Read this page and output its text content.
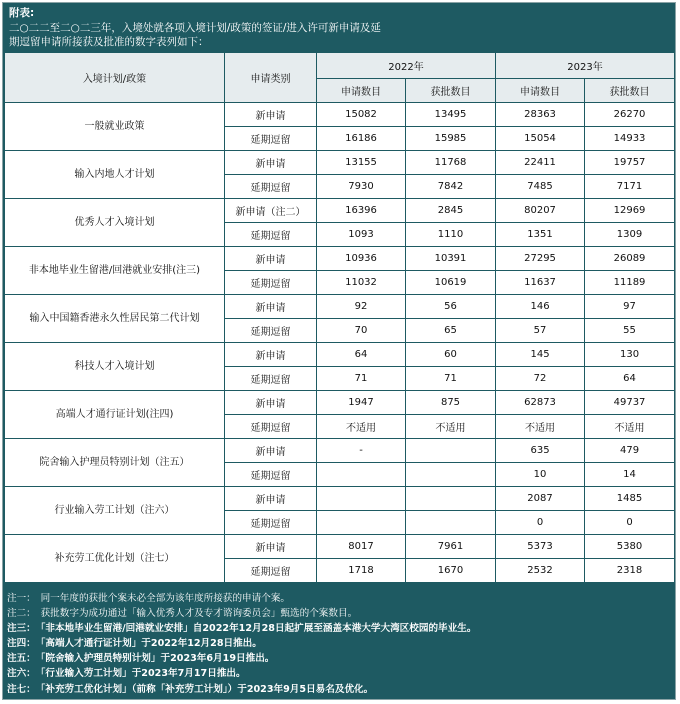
附表:
二○二二至二○二三年，入境处就各项入境计划/政策的签证/进入许可新申请及延
期逗留申请所接获及批准的数字表列如下：
入境计划/政策	申请类别	2022年		2023年	
		申请数目	获批数目	申请数目	获批数目
一般就业政策	新申请	15082	13495	28363	26270
	延期逗留	16186	15985	15054	14933
输入内地人才计划	新申请	13155	11768	22411	19757
	延期逗留	7930	7842	7485	7171
优秀人才入境计划	新申请（注二）	16396	2845	80207	12969
	延期逗留	1093	1110	1351	1309
非本地毕业生留港/回港就业安排(注三)	新申请	10936	10391	27295	26089
	延期逗留	11032	10619	11637	11189
输入中国籍香港永久性居民第二代计划	新申请	92	56	146	97
	延期逗留	70	65	57	55
科技人才入境计划	新申请	64	60	145	130
	延期逗留	71	71	72	64
高端人才通行证计划(注四)	新申请	1947	875	62873	49737
	延期逗留	不适用	不适用	不适用	不适用
院舍输入护理员特别计划（注五）	新申请	-		635	479
	延期逗留			10	14
行业输入劳工计划（注六）	新申请			2087	1485
	延期逗留			0	0
补充劳工优化计划（注七）	新申请	8017	7961	5373	5380
	延期逗留	1718	1670	2532	2318
注一：　 同一年度的获批个案未必全部为该年度所接获的申请个案。
注二：　 获批数字为成功通过「输入优秀人才及专才谘询委员会」甄选的个案数目。
注三：　 「非本地毕业生留港/回港就业安排」自2022年12月28日起扩展至涵盖本港大学大湾区校园的毕业生。
注四：　 「高端人才通行证计划」于2022年12月28日推出。
注五：　 「院舍输入护理员特别计划」于2023年6月19日推出。
注六：　 「行业输入劳工计划」于2023年7月17日推出。
注七：　 「补充劳工优化计划」（前称「补充劳工计划」）于2023年9月5日易名及优化。
